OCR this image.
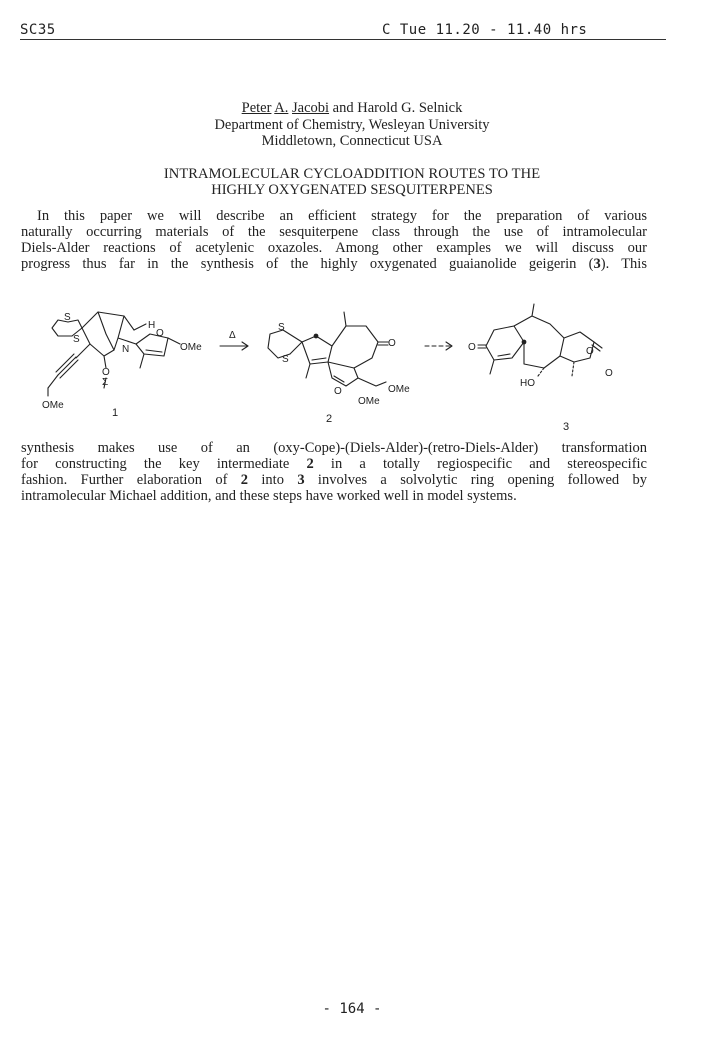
SC35	C Tue 11.20 - 11.40 hrs
Peter A. Jacobi and Harold G. Selnick
Department of Chemistry, Wesleyan University
Middletown, Connecticut USA
INTRAMOLECULAR CYCLOADDITION ROUTES TO THE
HIGHLY OXYGENATED SESQUITERPENES
In this paper we will describe an efficient strategy for the preparation of various
naturally occurring materials of the sesquiterpene class through the use of intramolecular
Diels-Alder reactions of acetylenic oxazoles. Among other examples we will discuss our
progress thus far in the synthesis of the highly oxygenated guaianolide geigerin (3). This
S
S
H
N
O
OMe
O
Σ
OMe
Δ
S
S
O
O	OMe
OMe
O	O
O
HO
1	2
3
synthesis makes use of an (oxy-Cope)-(Diels-Alder)-(retro-Diels-Alder) transformation
for constructing the key intermediate 2 in a totally regiospecific and stereospecific
fashion. Further elaboration of 2 into 3 involves a solvolytic ring opening followed by
intramolecular Michael addition, and these steps have worked well in model systems.
- 164 -
